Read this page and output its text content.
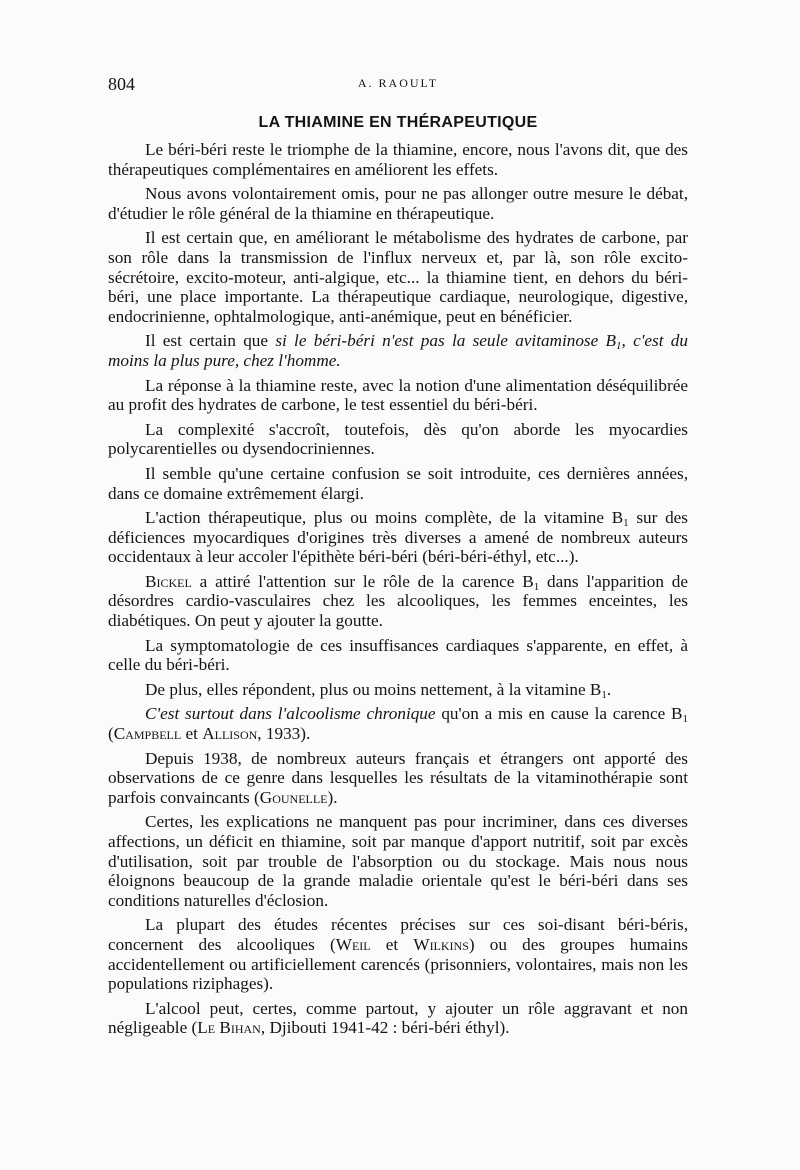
804	A. RAOULT
LA THIAMINE EN THÉRAPEUTIQUE

Le béri-béri reste le triomphe de la thiamine, encore, nous l'avons dit, que des thérapeutiques complémentaires en améliorent les effets.

Nous avons volontairement omis, pour ne pas allonger outre mesure le débat, d'étudier le rôle général de la thiamine en thérapeutique.

Il est certain que, en améliorant le métabolisme des hydrates de carbone, par son rôle dans la transmission de l'influx nerveux et, par là, son rôle excito-sécrétoire, excito-moteur, anti-algique, etc... la thiamine tient, en dehors du béri-béri, une place importante. La thérapeutique cardiaque, neurologique, digestive, endocrinienne, ophtalmologique, anti-anémique, peut en bénéficier.

Il est certain que si le béri-béri n'est pas la seule avitaminose $B_1$, c'est du moins la plus pure, chez l'homme.

La réponse à la thiamine reste, avec la notion d'une alimentation déséquilibrée au profit des hydrates de carbone, le test essentiel du béri-béri.

La complexité s'accroît, toutefois, dès qu'on aborde les myocardies polycarentielles ou dysendocriniennes.

Il semble qu'une certaine confusion se soit introduite, ces dernières années, dans ce domaine extrêmement élargi.

L'action thérapeutique, plus ou moins complète, de la vitamine $B_1$ sur des déficiences myocardiques d'origines très diverses a amené de nombreux auteurs occidentaux à leur accoler l'épithète béri-béri (béri-béri-éthyl, etc...).

Bickel a attiré l'attention sur le rôle de la carence $B_1$ dans l'apparition de désordres cardio-vasculaires chez les alcooliques, les femmes enceintes, les diabétiques. On peut y ajouter la goutte.

La symptomatologie de ces insuffisances cardiaques s'apparente, en effet, à celle du béri-béri.

De plus, elles répondent, plus ou moins nettement, à la vitamine $B_1$.

C'est surtout dans l'alcoolisme chronique qu'on a mis en cause la carence $B_1$ (Campbell et Allison, 1933).

Depuis 1938, de nombreux auteurs français et étrangers ont apporté des observations de ce genre dans lesquelles les résultats de la vitaminothérapie sont parfois convaincants (Gounelle).

Certes, les explications ne manquent pas pour incriminer, dans ces diverses affections, un déficit en thiamine, soit par manque d'apport nutritif, soit par excès d'utilisation, soit par trouble de l'absorption ou du stockage. Mais nous nous éloignons beaucoup de la grande maladie orientale qu'est le béri-béri dans ses conditions naturelles d'éclosion.

La plupart des études récentes précises sur ces soi-disant béri-béris, concernent des alcooliques (Weil et Wilkins) ou des groupes humains accidentellement ou artificiellement carencés (prisonniers, volontaires, mais non les populations riziphages).

L'alcool peut, certes, comme partout, y ajouter un rôle aggravant et non négligeable (Le Bihan, Djibouti 1941-42 : béri-béri éthyl).
